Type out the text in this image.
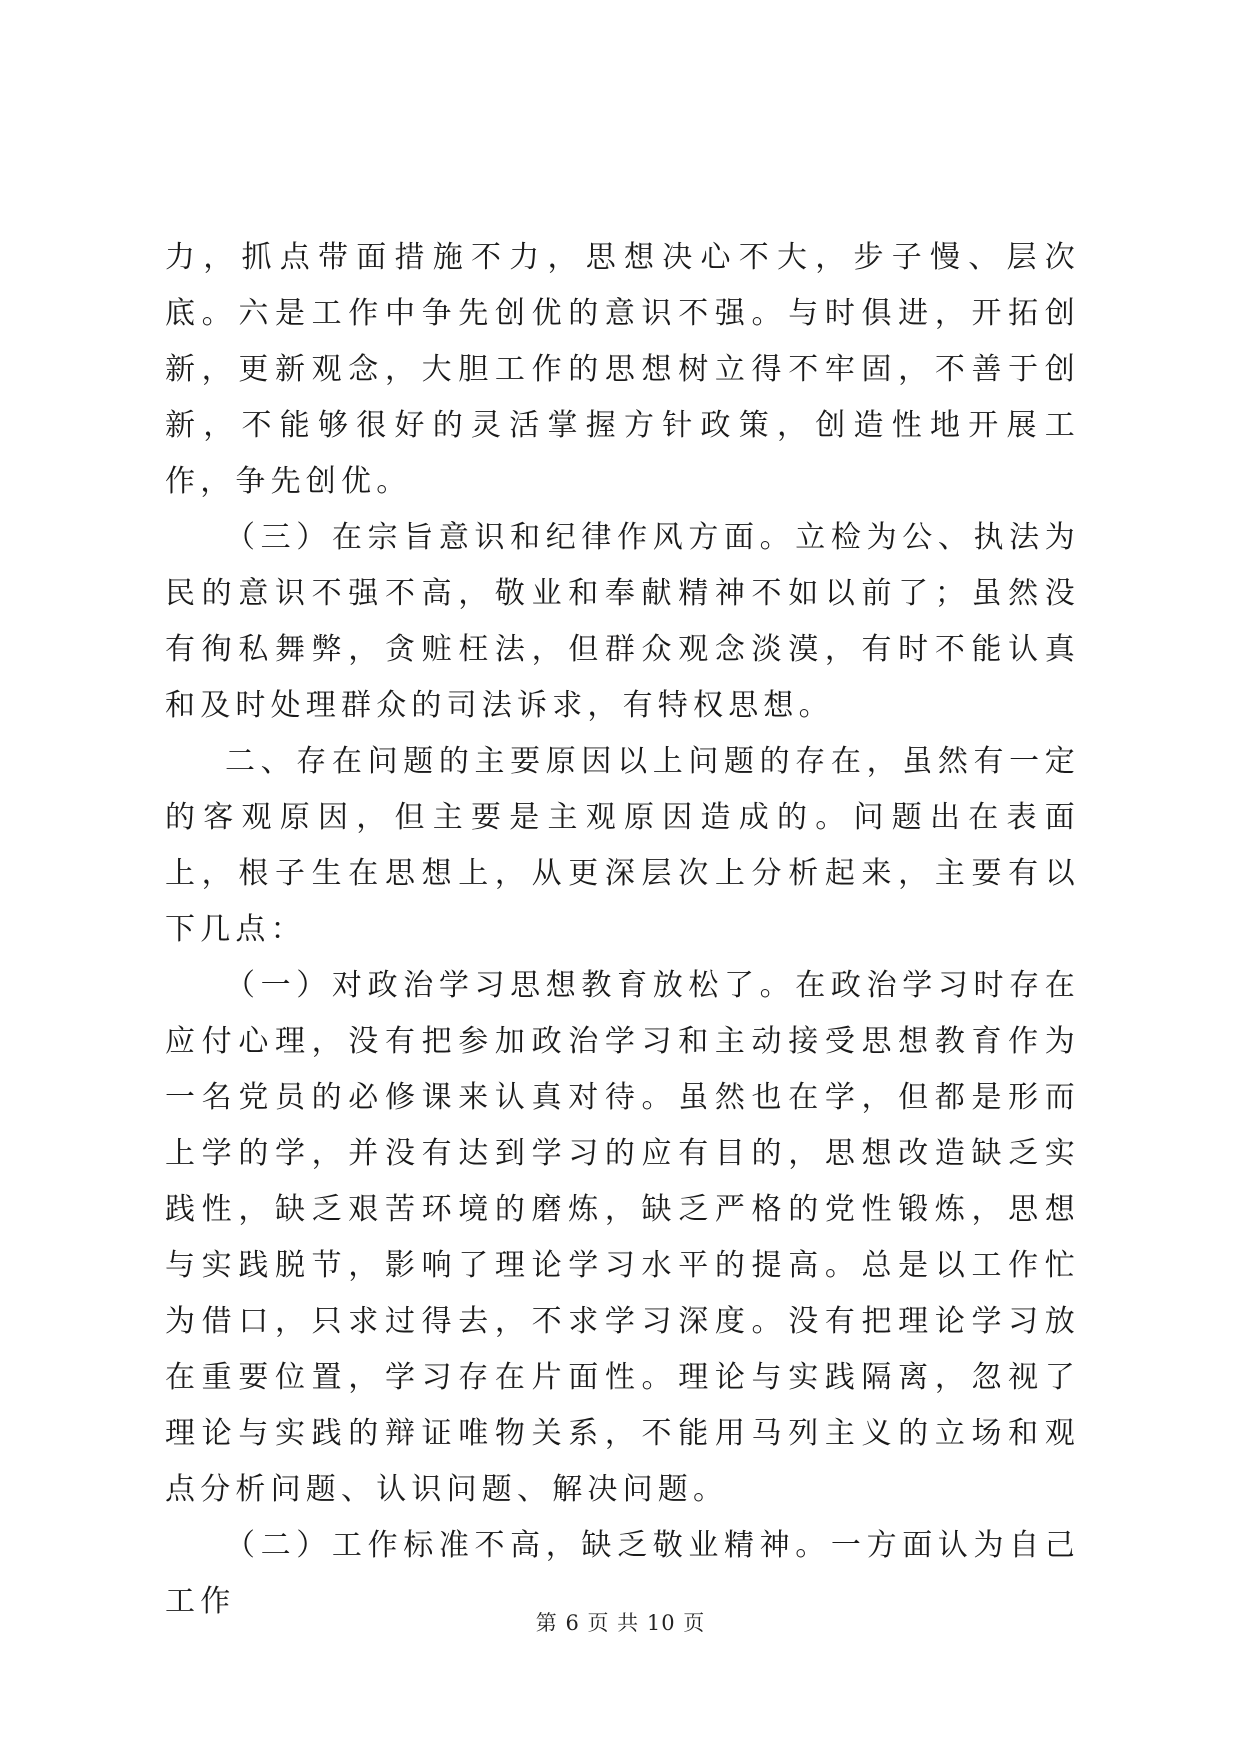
力，抓点带面措施不力，思想决心不大，步子慢、层次底。六是工作中争先创优的意识不强。与时俱进，开拓创新，更新观念，大胆工作的思想树立得不牢固，不善于创新，不能够很好的灵活掌握方针政策，创造性地开展工作，争先创优。

（三）在宗旨意识和纪律作风方面。立检为公、执法为民的意识不强不高，敬业和奉献精神不如以前了；虽然没有徇私舞弊，贪赃枉法，但群众观念淡漠，有时不能认真和及时处理群众的司法诉求，有特权思想。

二、存在问题的主要原因以上问题的存在，虽然有一定的客观原因，但主要是主观原因造成的。问题出在表面上，根子生在思想上，从更深层次上分析起来，主要有以下几点：

（一）对政治学习思想教育放松了。在政治学习时存在应付心理，没有把参加政治学习和主动接受思想教育作为一名党员的必修课来认真对待。虽然也在学，但都是形而上学的学，并没有达到学习的应有目的，思想改造缺乏实践性，缺乏艰苦环境的磨炼，缺乏严格的党性锻炼，思想与实践脱节，影响了理论学习水平的提高。总是以工作忙为借口，只求过得去，不求学习深度。没有把理论学习放在重要位置，学习存在片面性。理论与实践隔离，忽视了理论与实践的辩证唯物关系，不能用马列主义的立场和观点分析问题、认识问题、解决问题。

（二）工作标准不高，缺乏敬业精神。一方面认为自己工作

第 6 页 共 10 页
